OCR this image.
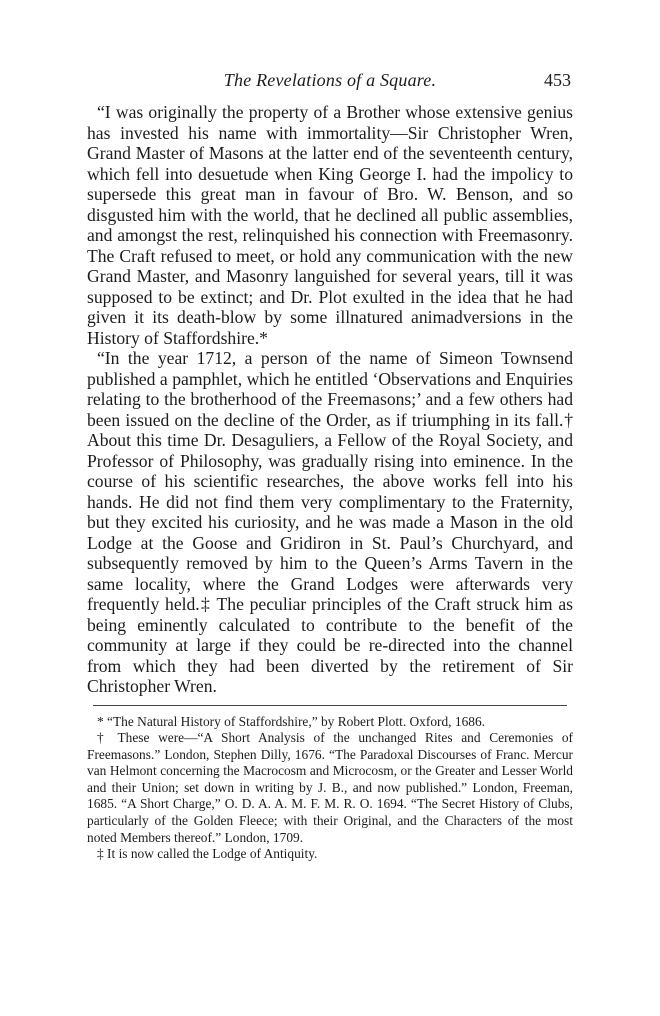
The Revelations of a Square.	453

“I was originally the property of a Brother whose extensive genius has invested his name with immortality—Sir Christopher Wren, Grand Master of Masons at the latter end of the seventeenth century, which fell into desuetude when King George I. had the impolicy to supersede this great man in favour of Bro. W. Benson, and so disgusted him with the world, that he declined all public assemblies, and amongst the rest, relinquished his connection with Freemasonry. The Craft refused to meet, or hold any communication with the new Grand Master, and Masonry languished for several years, till it was supposed to be extinct; and Dr. Plot exulted in the idea that he had given it its death-blow by some illnatured animadversions in the History of Staffordshire.*

“In the year 1712, a person of the name of Simeon Townsend published a pamphlet, which he entitled ‘Observations and Enquiries relating to the brotherhood of the Freemasons;’ and a few others had been issued on the decline of the Order, as if triumphing in its fall.† About this time Dr. Desaguliers, a Fellow of the Royal Society, and Professor of Philosophy, was gradually rising into eminence. In the course of his scientific researches, the above works fell into his hands. He did not find them very complimentary to the Fraternity, but they excited his curiosity, and he was made a Mason in the old Lodge at the Goose and Gridiron in St. Paul’s Churchyard, and subsequently removed by him to the Queen’s Arms Tavern in the same locality, where the Grand Lodges were afterwards very frequently held.‡ The peculiar principles of the Craft struck him as being eminently calculated to contribute to the benefit of the community at large if they could be re-directed into the channel from which they had been diverted by the retirement of Sir Christopher Wren.

* “The Natural History of Staffordshire,” by Robert Plott. Oxford, 1686.

† These were—“A Short Analysis of the unchanged Rites and Ceremonies of Freemasons.” London, Stephen Dilly, 1676. “The Paradoxal Discourses of Franc. Mercur van Helmont concerning the Macrocosm and Microcosm, or the Greater and Lesser World and their Union; set down in writing by J. B., and now published.” London, Freeman, 1685. “A Short Charge,” O. D. A. A. M. F. M. R. O. 1694. “The Secret History of Clubs, particularly of the Golden Fleece; with their Original, and the Characters of the most noted Members thereof.” London, 1709.

‡ It is now called the Lodge of Antiquity.
